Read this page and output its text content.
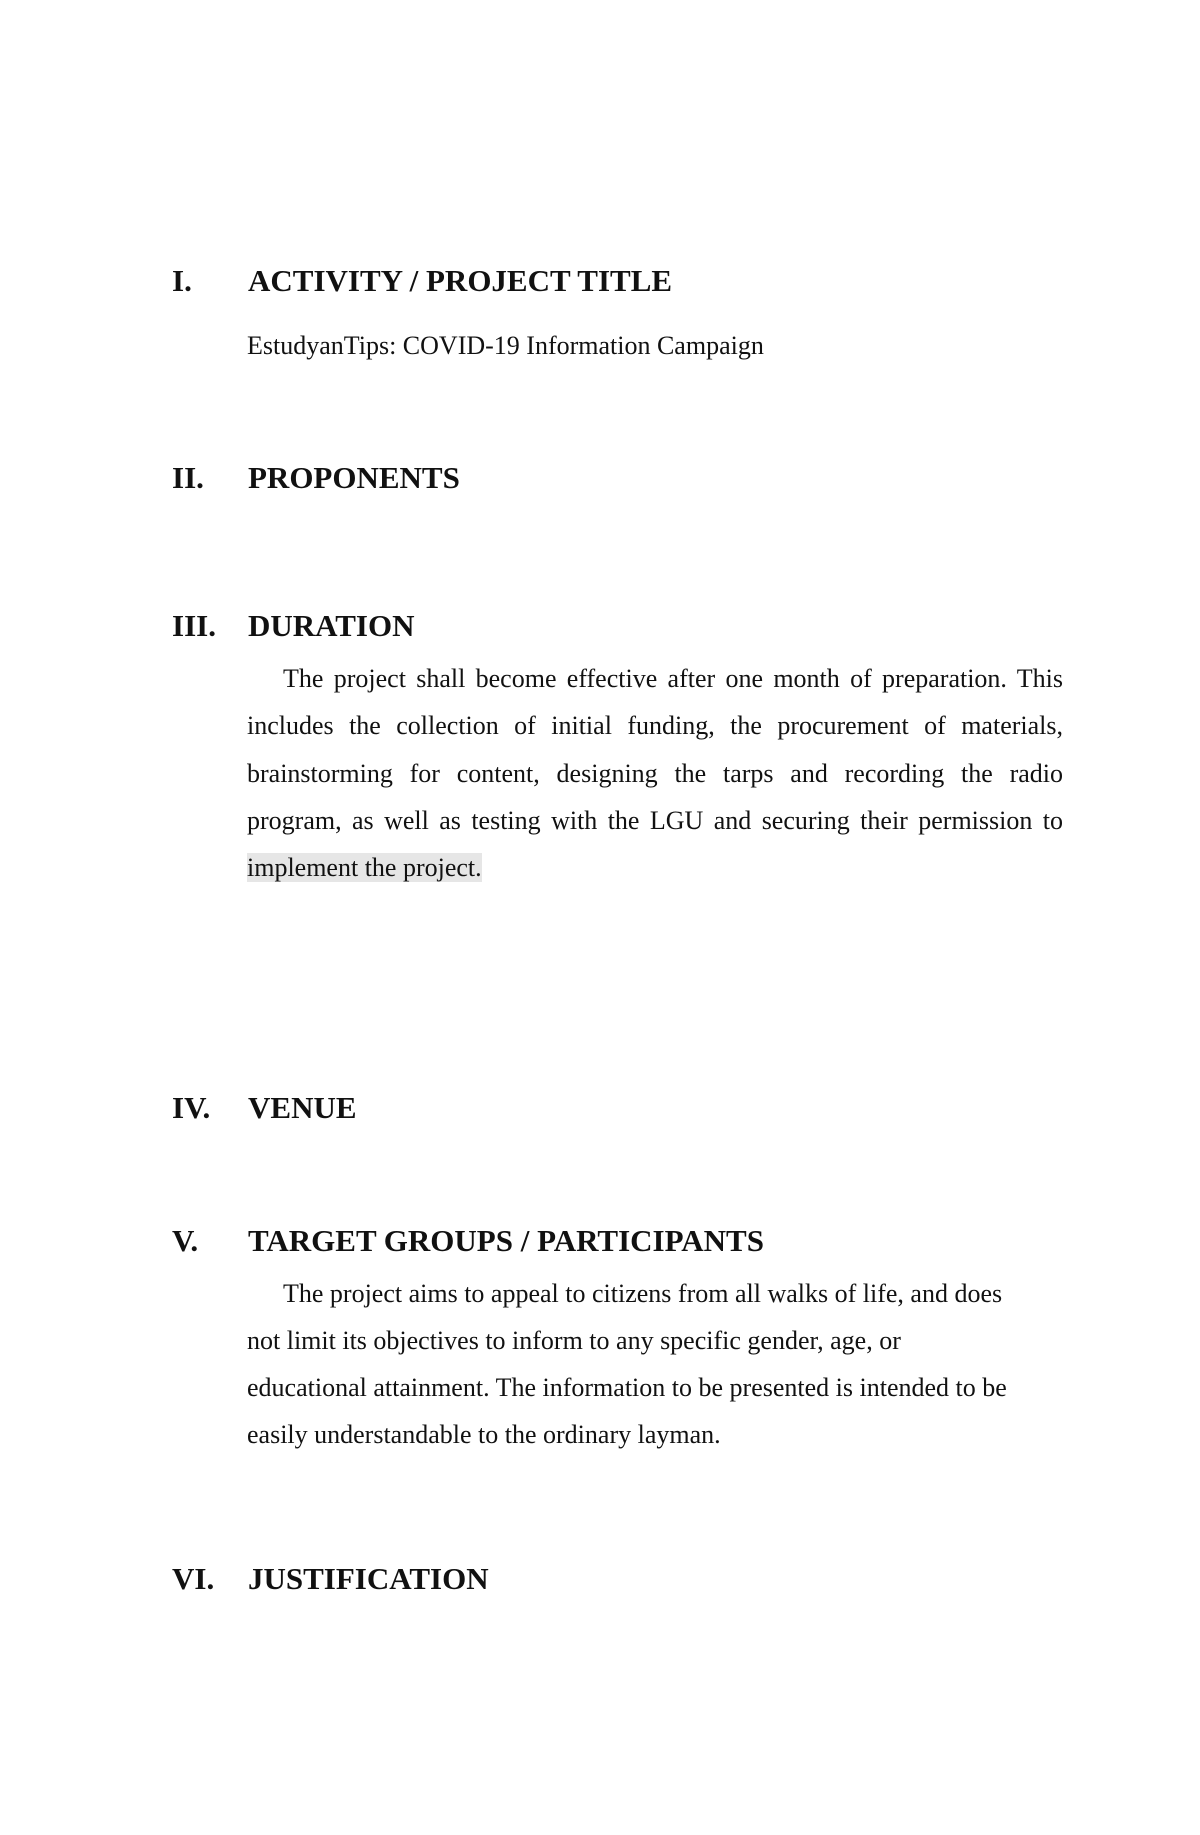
I. ACTIVITY / PROJECT TITLE
EstudyanTips: COVID-19 Information Campaign
II. PROPONENTS
III. DURATION
The project shall become effective after one month of preparation. This
includes the collection of initial funding, the procurement of materials,
brainstorming for content, designing the tarps and recording the radio
program, as well as testing with the LGU and securing their permission to
implement the project.
IV. VENUE
V. TARGET GROUPS / PARTICIPANTS
The project aims to appeal to citizens from all walks of life, and does
not limit its objectives to inform to any specific gender, age, or
educational attainment. The information to be presented is intended to be
easily understandable to the ordinary layman.
VI. JUSTIFICATION
